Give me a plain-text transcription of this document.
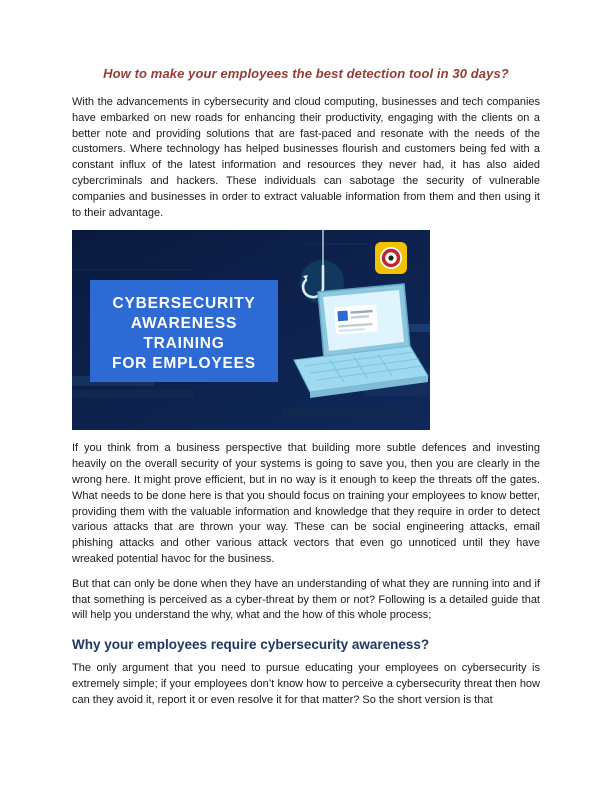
How to make your employees the best detection tool in 30 days?

With the advancements in cybersecurity and cloud computing, businesses and tech companies have embarked on new roads for enhancing their productivity, engaging with the clients on a better note and providing solutions that are fast-paced and resonate with the needs of the customers. Where technology has helped businesses flourish and customers being fed with a constant influx of the latest information and resources they never had, it has also aided cybercriminals and hackers. These individuals can sabotage the security of vulnerable companies and businesses in order to extract valuable information from them and then using it to their advantage.

CYBERSECURITY
AWARENESS
TRAINING
FOR EMPLOYEES

If you think from a business perspective that building more subtle defences and investing heavily on the overall security of your systems is going to save you, then you are clearly in the wrong here. It might prove efficient, but in no way is it enough to keep the threats off the gates. What needs to be done here is that you should focus on training your employees to know better, providing them with the valuable information and knowledge that they require in order to detect various attacks that are thrown your way. These can be social engineering attacks, email phishing attacks and other various attack vectors that even go unnoticed until they have wreaked potential havoc for the business.

But that can only be done when they have an understanding of what they are running into and if that something is perceived as a cyber-threat by them or not? Following is a detailed guide that will help you understand the why, what and the how of this whole process;

Why your employees require cybersecurity awareness?

The only argument that you need to pursue educating your employees on cybersecurity is extremely simple; if your employees don’t know how to perceive a cybersecurity threat then how can they avoid it, report it or even resolve it for that matter? So the short version is that
